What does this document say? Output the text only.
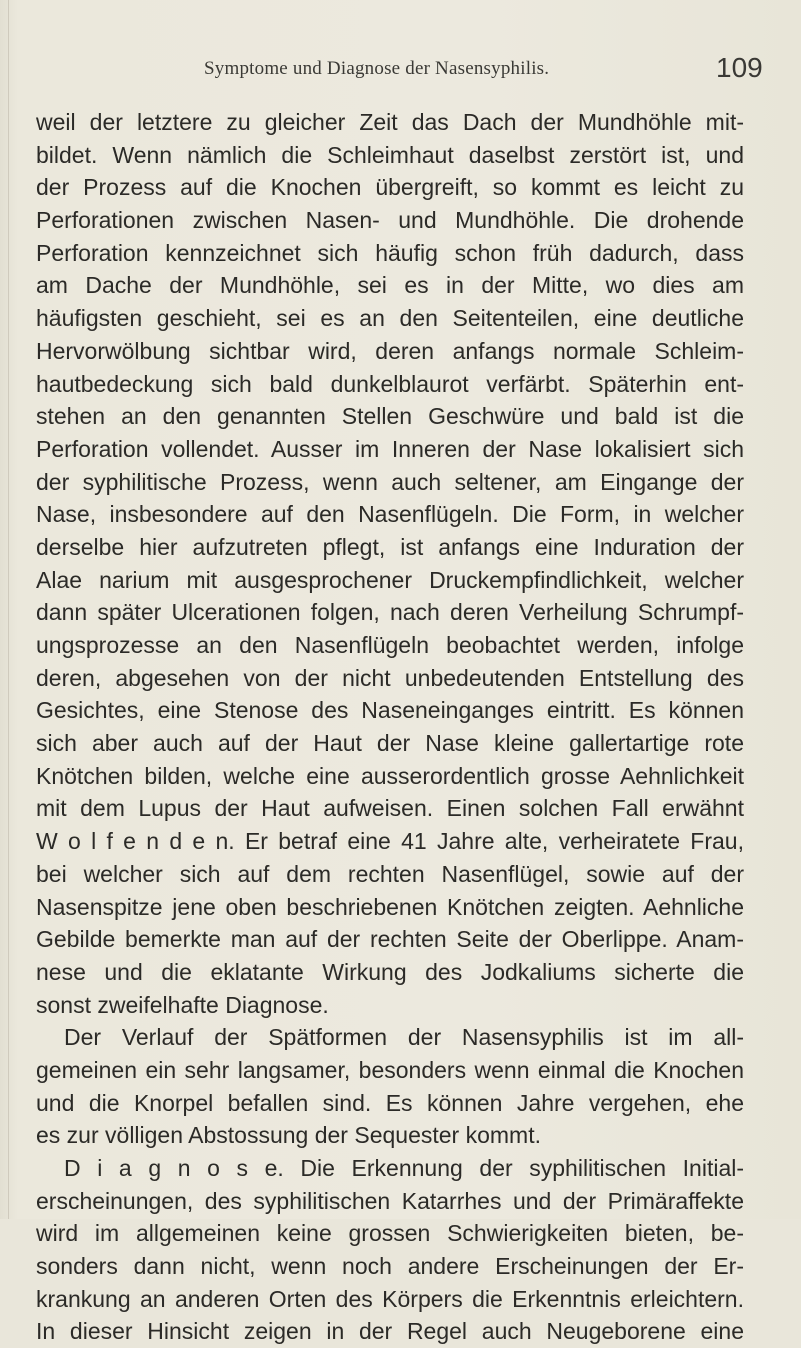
Symptome und Diagnose der Nasensyphilis.	109
weil der letztere zu gleicher Zeit das Dach der Mundhöhle mit-
bildet. Wenn nämlich die Schleimhaut daselbst zerstört ist, und
der Prozess auf die Knochen übergreift, so kommt es leicht zu
Perforationen zwischen Nasen- und Mundhöhle. Die drohende
Perforation kennzeichnet sich häufig schon früh dadurch, dass
am Dache der Mundhöhle, sei es in der Mitte, wo dies am
häufigsten geschieht, sei es an den Seitenteilen, eine deutliche
Hervorwölbung sichtbar wird, deren anfangs normale Schleim-
hautbedeckung sich bald dunkelblaurot verfärbt. Späterhin ent-
stehen an den genannten Stellen Geschwüre und bald ist die
Perforation vollendet. Ausser im Inneren der Nase lokalisiert sich
der syphilitische Prozess, wenn auch seltener, am Eingange der
Nase, insbesondere auf den Nasenflügeln. Die Form, in welcher
derselbe hier aufzutreten pflegt, ist anfangs eine Induration der
Alae narium mit ausgesprochener Druckempfindlichkeit, welcher
dann später Ulcerationen folgen, nach deren Verheilung Schrumpf-
ungsprozesse an den Nasenflügeln beobachtet werden, infolge
deren, abgesehen von der nicht unbedeutenden Entstellung des
Gesichtes, eine Stenose des Naseneinganges eintritt. Es können
sich aber auch auf der Haut der Nase kleine gallertartige rote
Knötchen bilden, welche eine ausserordentlich grosse Aehnlichkeit
mit dem Lupus der Haut aufweisen. Einen solchen Fall erwähnt
W o l f e n d e n. Er betraf eine 41 Jahre alte, verheiratete Frau,
bei welcher sich auf dem rechten Nasenflügel, sowie auf der
Nasenspitze jene oben beschriebenen Knötchen zeigten. Aehnliche
Gebilde bemerkte man auf der rechten Seite der Oberlippe. Anam-
nese und die eklatante Wirkung des Jodkaliums sicherte die
sonst zweifelhafte Diagnose.
Der Verlauf der Spätformen der Nasensyphilis ist im all-
gemeinen ein sehr langsamer, besonders wenn einmal die Knochen
und die Knorpel befallen sind. Es können Jahre vergehen, ehe
es zur völligen Abstossung der Sequester kommt.
D i a g n o s e. Die Erkennung der syphilitischen Initial-
erscheinungen, des syphilitischen Katarrhes und der Primäraffekte
wird im allgemeinen keine grossen Schwierigkeiten bieten, be-
sonders dann nicht, wenn noch andere Erscheinungen der Er-
krankung an anderen Orten des Körpers die Erkenntnis erleichtern.
In dieser Hinsicht zeigen in der Regel auch Neugeborene eine
